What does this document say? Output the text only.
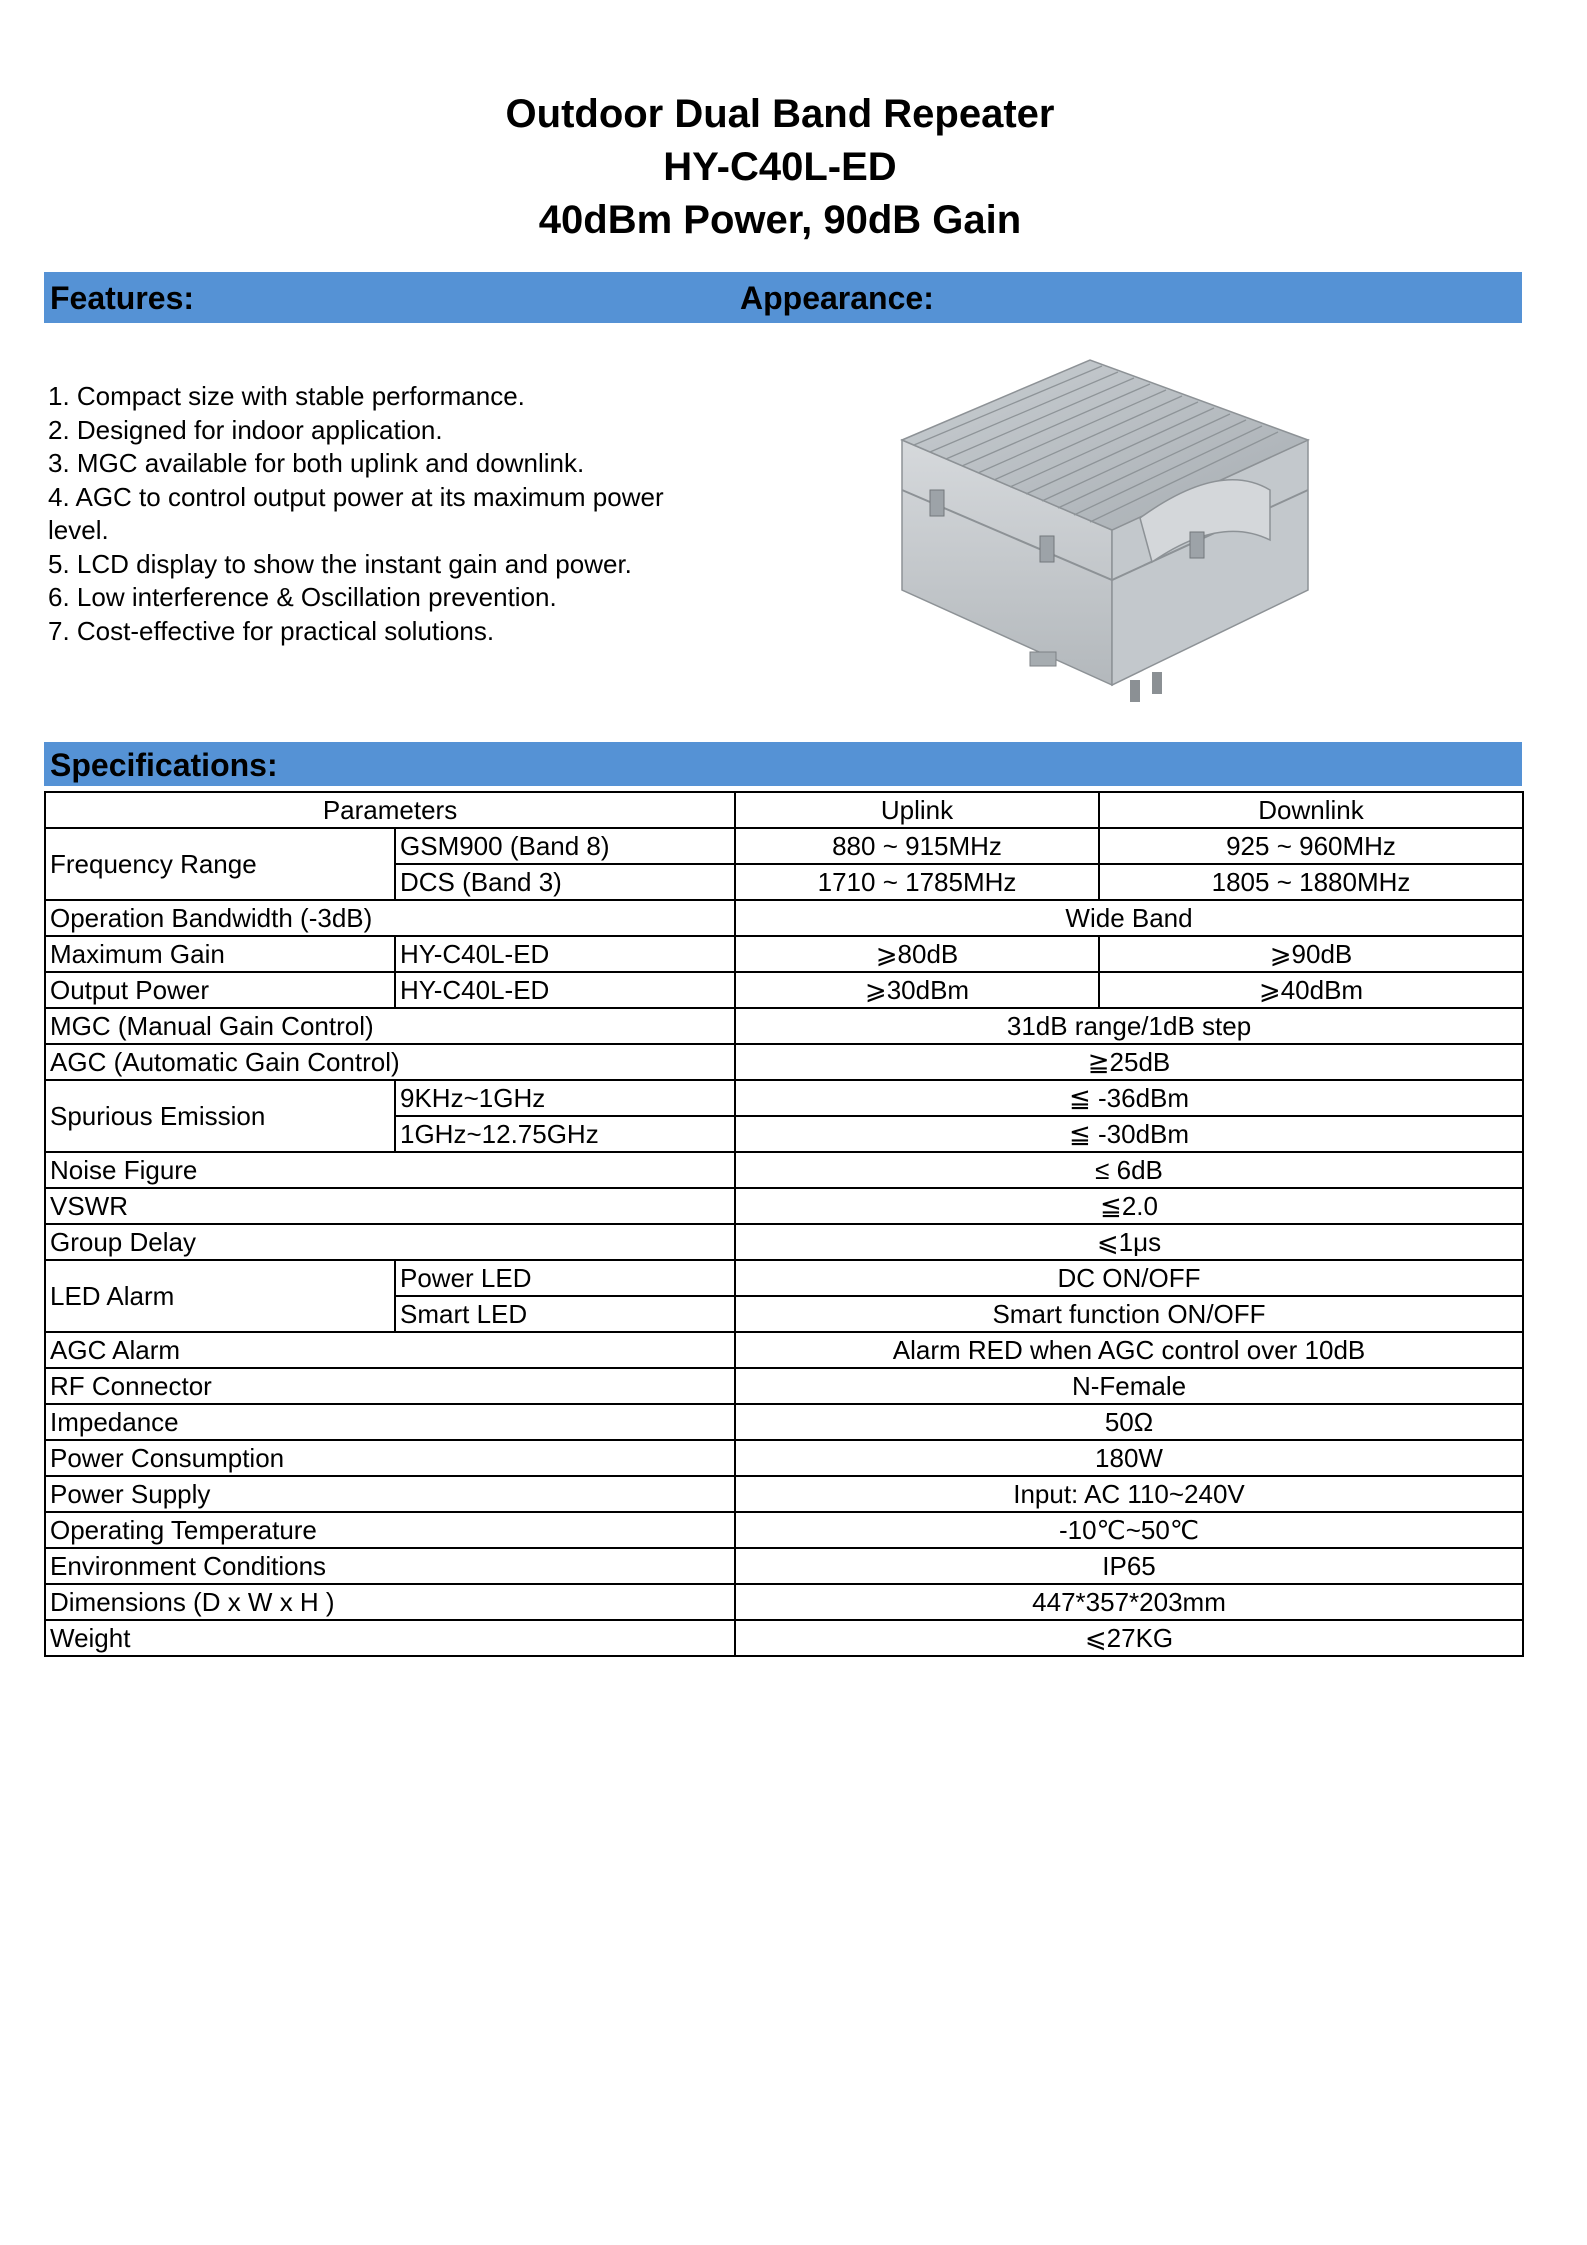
Outdoor Dual Band Repeater
HY-C40L-ED
40dBm Power, 90dB Gain
Features:	Appearance:
1. Compact size with stable performance.
2. Designed for indoor application.
3. MGC available for both uplink and downlink.
4. AGC to control output power at its maximum power level.
5. LCD display to show the instant gain and power.
6. Low interference & Oscillation prevention.
7. Cost-effective for practical solutions.
Specifications:
Parameters		Uplink	Downlink
Frequency Range	GSM900 (Band 8)	880 ~ 915MHz	925 ~ 960MHz
	DCS (Band 3)	1710 ~ 1785MHz	1805 ~ 1880MHz
Operation Bandwidth (-3dB)		Wide Band	
Maximum Gain	HY-C40L-ED	⩾80dB	⩾90dB
Output Power	HY-C40L-ED	⩾30dBm	⩾40dBm
MGC (Manual Gain Control)		31dB range/1dB step	
AGC (Automatic Gain Control)		≧25dB	
Spurious Emission	9KHz~1GHz	≦ -36dBm	
	1GHz~12.75GHz	≦ -30dBm	
Noise Figure		≤ 6dB	
VSWR		≦2.0	
Group Delay		⩽1μs	
LED Alarm	Power LED	DC ON/OFF	
	Smart LED	Smart function ON/OFF	
AGC Alarm		Alarm RED when AGC control over 10dB	
RF Connector		N-Female	
Impedance		50Ω	
Power Consumption		180W	
Power Supply		Input: AC 110~240V	
Operating Temperature		-10℃~50℃	
Environment Conditions		IP65	
Dimensions (D x W x H )		447*357*203mm	
Weight		⩽27KG	
